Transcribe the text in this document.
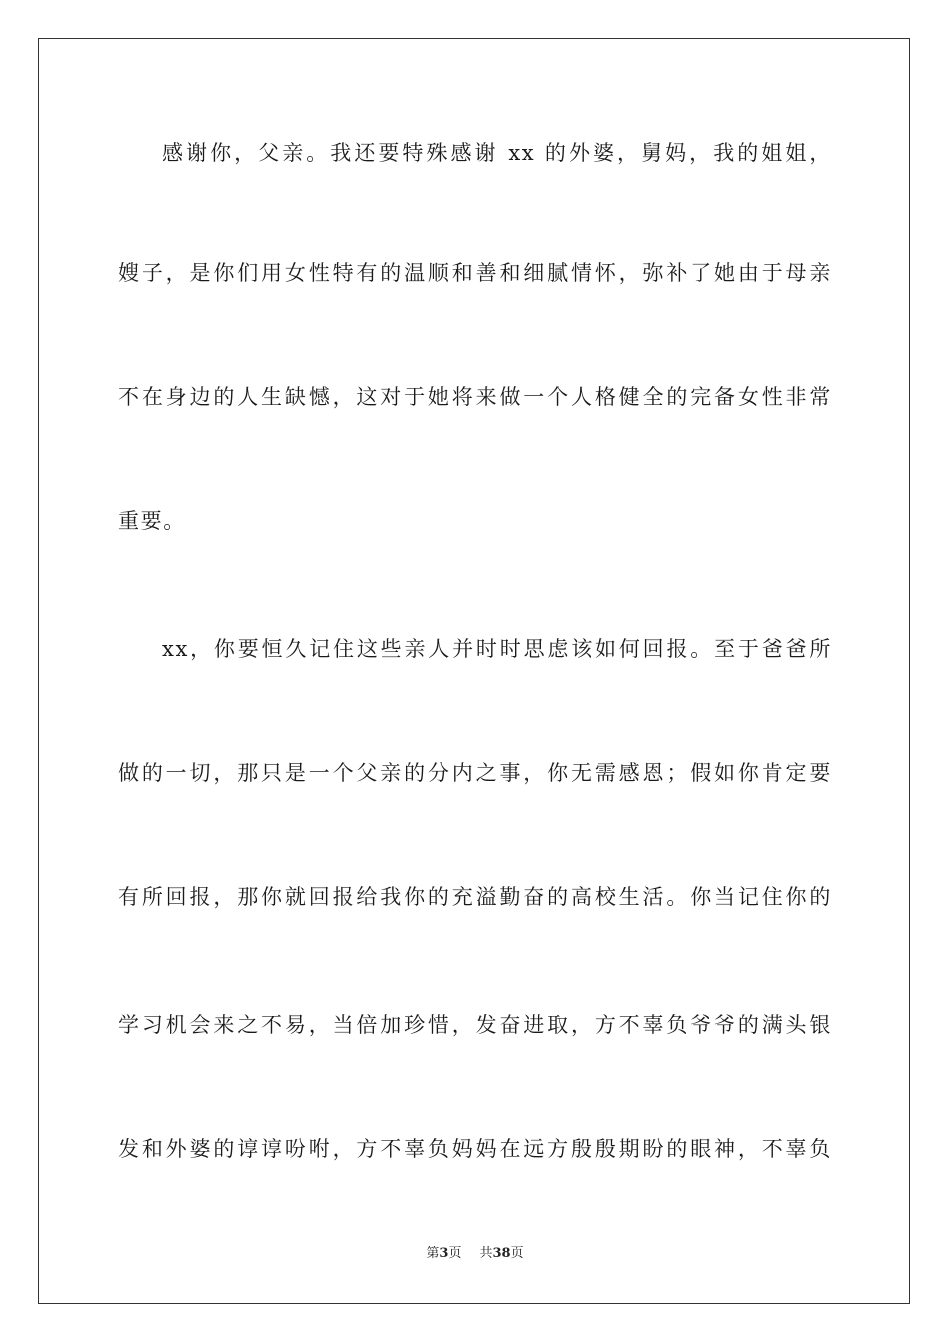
感谢你，父亲。我还要特殊感谢 xx 的外婆，舅妈，我的姐姐，
嫂子，是你们用女性特有的温顺和善和细腻情怀，弥补了她由于母亲
不在身边的人生缺憾，这对于她将来做一个人格健全的完备女性非常
重要。
xx，你要恒久记住这些亲人并时时思虑该如何回报。至于爸爸所
做的一切，那只是一个父亲的分内之事，你无需感恩；假如你肯定要
有所回报，那你就回报给我你的充溢勤奋的高校生活。你当记住你的
学习机会来之不易，当倍加珍惜，发奋进取，方不辜负爷爷的满头银
发和外婆的谆谆吩咐，方不辜负妈妈在远方殷殷期盼的眼神，不辜负
第3页 共38页
